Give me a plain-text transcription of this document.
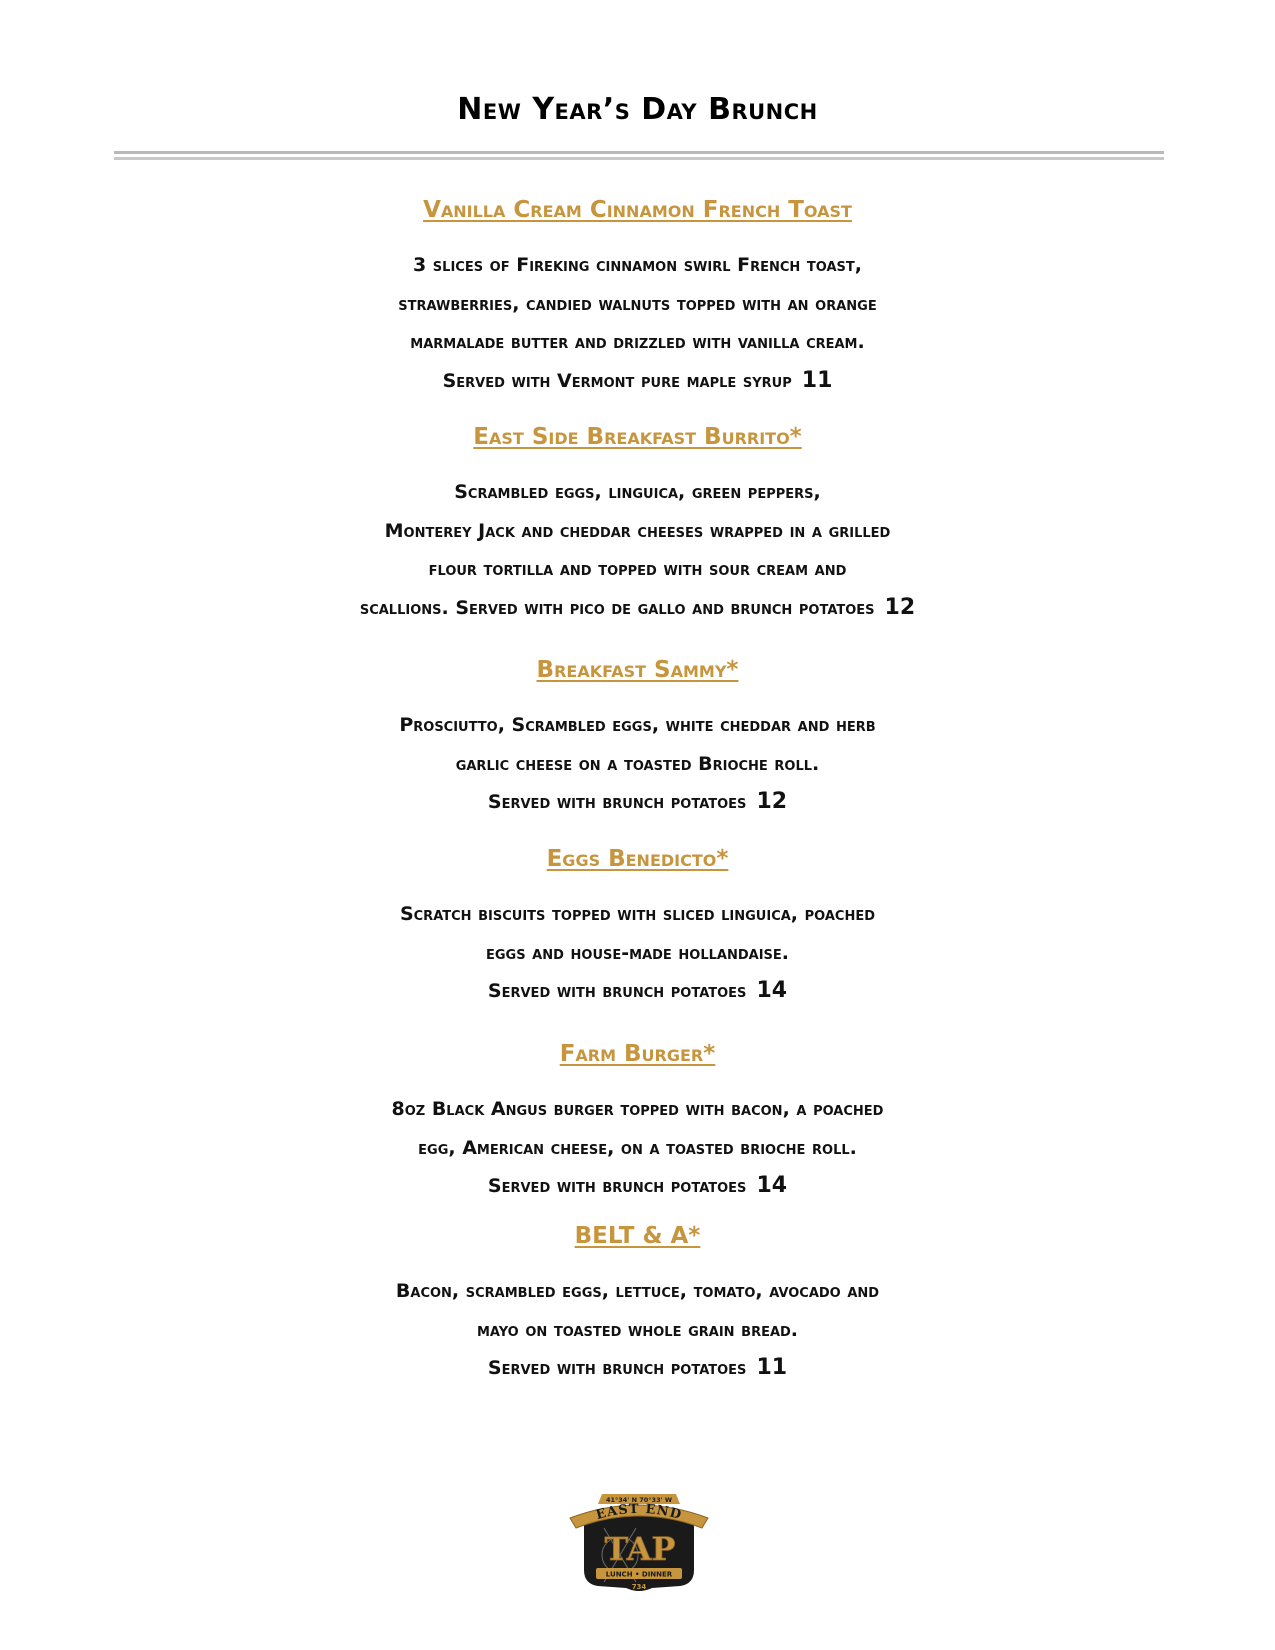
New Year’s Day Brunch
Vanilla Cream Cinnamon French Toast
3 slices of Fireking cinnamon swirl French toast,
strawberries, candied walnuts topped with an orange
marmalade butter and drizzled with vanilla cream.
Served with Vermont pure maple syrup 11
East Side Breakfast Burrito*
Scrambled eggs, linguica, green peppers,
Monterey Jack and cheddar cheeses wrapped in a grilled
flour tortilla and topped with sour cream and
scallions. Served with pico de gallo and brunch potatoes 12
Breakfast Sammy*
Prosciutto, Scrambled eggs, white cheddar and herb
garlic cheese on a toasted Brioche roll.
Served with brunch potatoes 12
Eggs Benedicto*
Scratch biscuits topped with sliced linguica, poached
eggs and house-made hollandaise.
Served with brunch potatoes 14
Farm Burger*
8oz Black Angus burger topped with bacon, a poached
egg, American cheese, on a toasted brioche roll.
Served with brunch potatoes 14
BELT & A*
Bacon, scrambled eggs, lettuce, tomato, avocado and
mayo on toasted whole grain bread.
Served with brunch potatoes 11
41°34' N 70°33' W
EAST END
TAP
LUNCH • DINNER
734
